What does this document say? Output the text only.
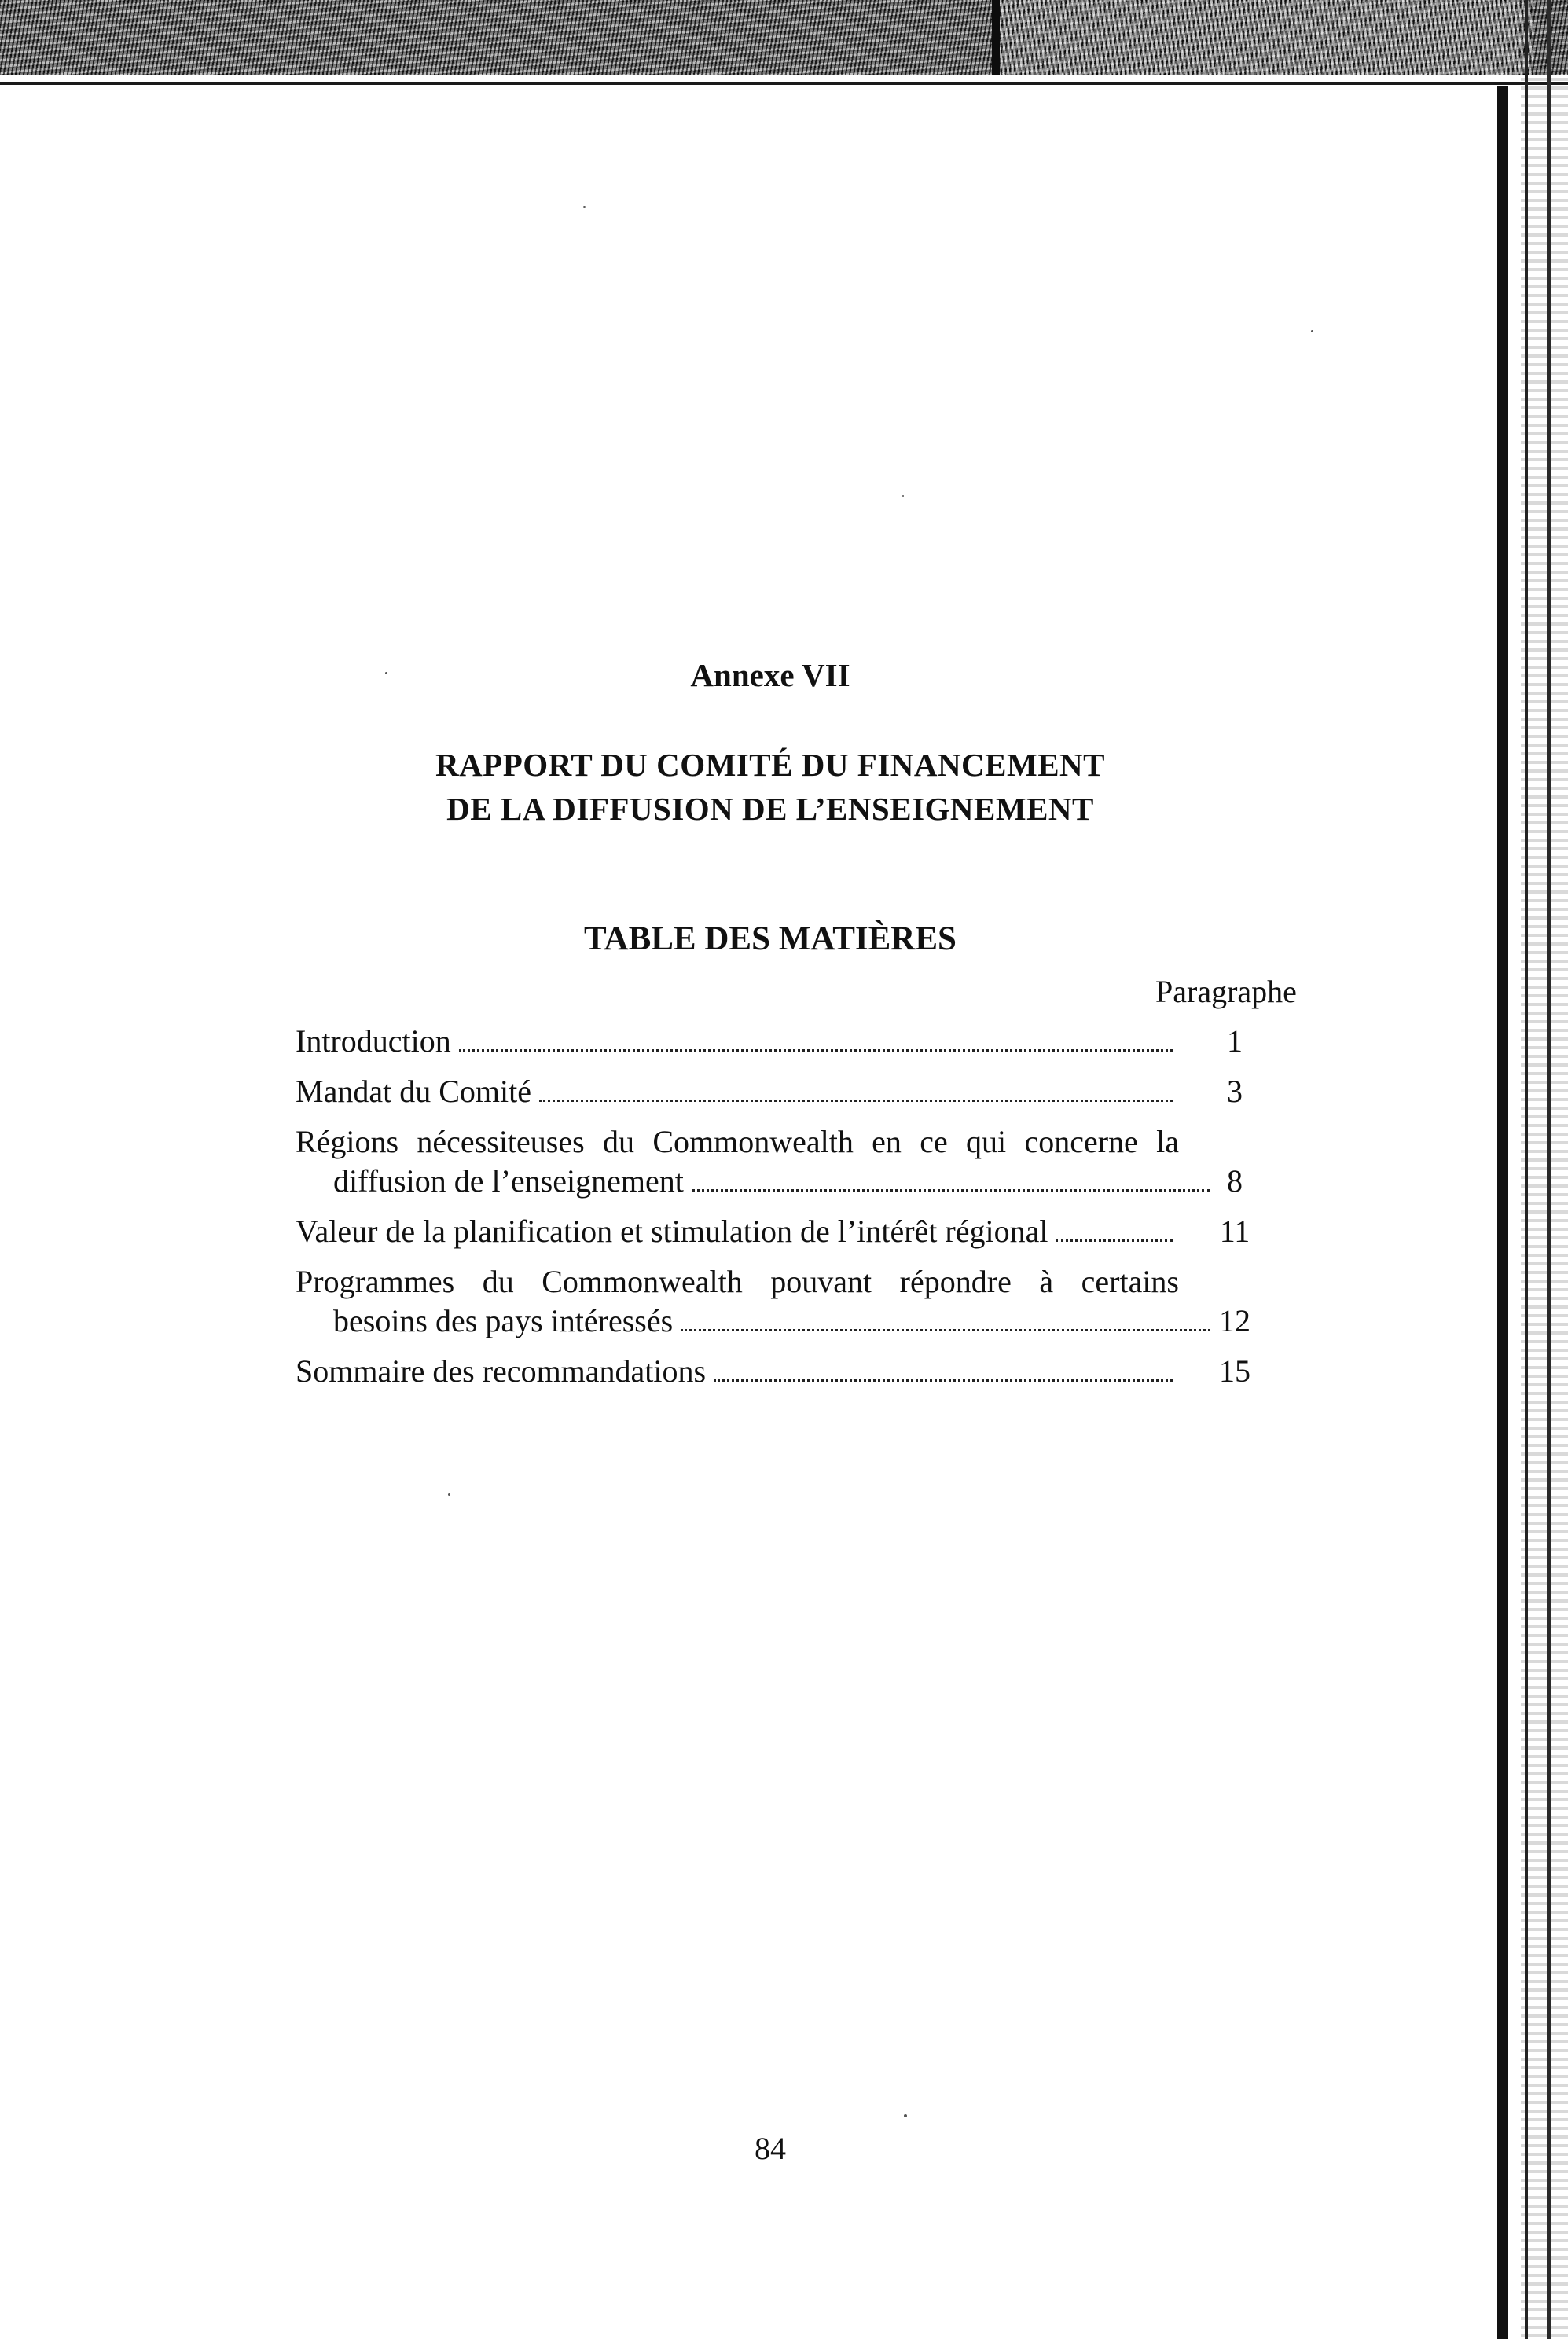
Annexe VII
RAPPORT DU COMITÉ DU FINANCEMENT
DE LA DIFFUSION DE L’ENSEIGNEMENT
TABLE DES MATIÈRES
Paragraphe
Introduction	1
Mandat du Comité	3
Régions nécessiteuses du Commonwealth en ce qui concerne la
diffusion de l’enseignement	8
Valeur de la planification et stimulation de l’intérêt régional	11
Programmes du Commonwealth pouvant répondre à certains
besoins des pays intéressés	12
Sommaire des recommandations	15
84
